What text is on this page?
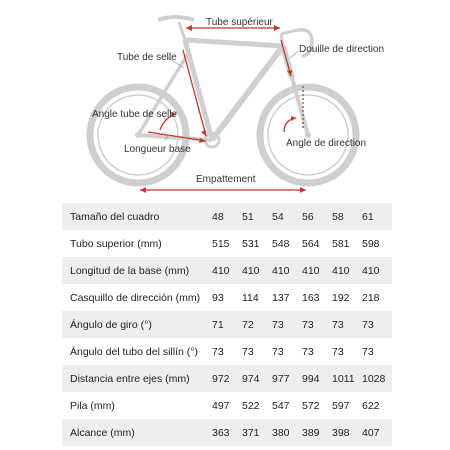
Tube supérieur
Douille de direction
Tube de selle
Angle tube de selle
Angle de direction
Longueur base
Empattement
Tamaño del cuadro	48	51	54	56	58	61
Tubo superior (mm)	515	531	548	564	581	598
Longitud de la base (mm)	410	410	410	410	410	410
Casquillo de dirección (mm)	93	114	137	163	192	218
Ángulo de giro (°)	71	72	73	73	73	73
Ángulo del tubo del sillín (°)	73	73	73	73	73	73
Distancia entre ejes (mm)	972	974	977	994	1011	1028
Pila (mm)	497	522	547	572	597	622
Alcance (mm)	363	371	380	389	398	407
